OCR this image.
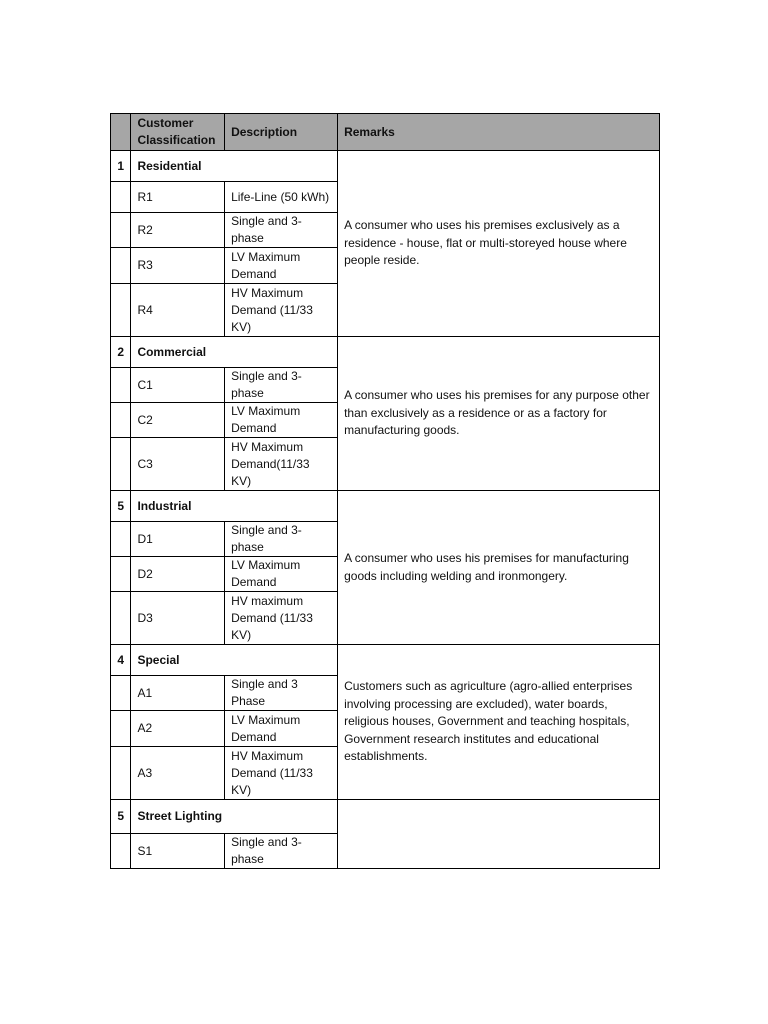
	Customer Classification	Description	Remarks
1	Residential		A consumer who uses his premises exclusively as a residence - house, flat or multi-storeyed house where people reside.
	R1	Life-Line (50 kWh)	
	R2	Single and 3-phase	
	R3	LV Maximum Demand	
	R4	HV Maximum Demand (11/33 KV)	
2	Commercial		A consumer who uses his premises for any purpose other than exclusively as a residence or as a factory for manufacturing goods.
	C1	Single and 3-phase	
	C2	LV Maximum Demand	
	C3	HV Maximum Demand(11/33 KV)	
5	Industrial		A consumer who uses his premises for manufacturing goods including welding and ironmongery.
	D1	Single and 3-phase	
	D2	LV Maximum Demand	
	D3	HV maximum Demand (11/33 KV)	
4	Special		Customers such as agriculture (agro-allied enterprises involving processing are excluded), water boards, religious houses, Government and teaching hospitals, Government research institutes and educational establishments.
	A1	Single and 3 Phase	
	A2	LV Maximum Demand	
	A3	HV Maximum Demand (11/33 KV)	
5	Street Lighting		
	S1	Single and 3-phase	
